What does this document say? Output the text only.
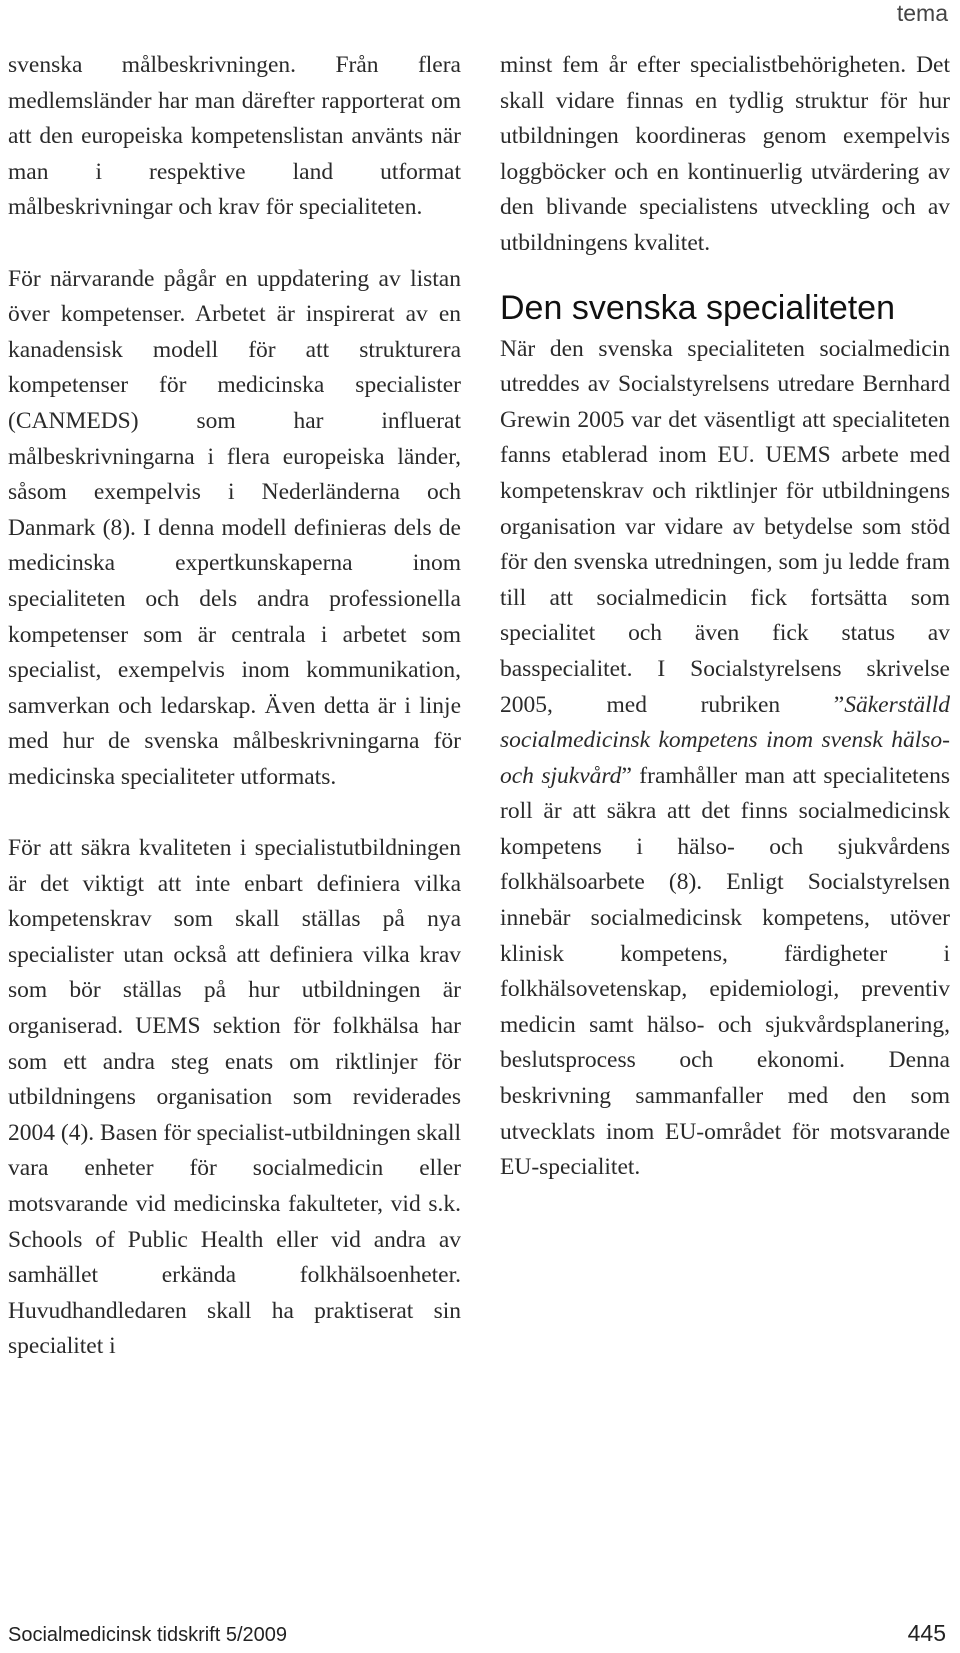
tema

svenska målbeskrivningen. Från flera medlemsländer har man därefter rapporterat om att den europeiska kompetenslistan använts när man i respektive land utformat målbeskrivningar och krav för specialiteten.

För närvarande pågår en uppdatering av listan över kompetenser. Arbetet är inspirerat av en kanadensisk modell för att strukturera kompetenser för medicinska specialister (CANMEDS) som har influerat målbeskrivningarna i flera europeiska länder, såsom exempelvis i Nederländerna och Danmark (8). I denna modell definieras dels de medicinska expertkunskaperna inom specialiteten och dels andra professionella kompetenser som är centrala i arbetet som specialist, exempelvis inom kommunikation, samverkan och ledarskap. Även detta är i linje med hur de svenska målbeskrivningarna för medicinska specialiteter utformats.

För att säkra kvaliteten i specialistutbildningen är det viktigt att inte enbart definiera vilka kompetenskrav som skall ställas på nya specialister utan också att definiera vilka krav som bör ställas på hur utbildningen är organiserad. UEMS sektion för folkhälsa har som ett andra steg enats om riktlinjer för utbildningens organisation som reviderades 2004 (4). Basen för specialist-utbildningen skall vara enheter för socialmedicin eller motsvarande vid medicinska fakulteter, vid s.k. Schools of Public Health eller vid andra av samhället erkända folkhälsoenheter. Huvudhandledaren skall ha praktiserat sin specialitet i

minst fem år efter specialistbehörigheten. Det skall vidare finnas en tydlig struktur för hur utbildningen koordineras genom exempelvis loggböcker och en kontinuerlig utvärdering av den blivande specialistens utveckling och av utbildningens kvalitet.

Den svenska specialiteten

När den svenska specialiteten socialmedicin utreddes av Socialstyrelsens utredare Bernhard Grewin 2005 var det väsentligt att specialiteten fanns etablerad inom EU. UEMS arbete med kompetenskrav och riktlinjer för utbildningens organisation var vidare av betydelse som stöd för den svenska utredningen, som ju ledde fram till att socialmedicin fick fortsätta som specialitet och även fick status av basspecialitet. I Socialstyrelsens skrivelse 2005, med rubriken ”Säkerställd socialmedicinsk kompetens inom svensk hälso- och sjukvård” framhåller man att specialitetens roll är att säkra att det finns socialmedicinsk kompetens i hälso- och sjukvårdens folkhälsoarbete (8). Enligt Socialstyrelsen innebär socialmedicinsk kompetens, utöver klinisk kompetens, färdigheter i folkhälsovetenskap, epidemiologi, preventiv medicin samt hälso- och sjukvårdsplanering, beslutsprocess och ekonomi. Denna beskrivning sammanfaller med den som utvecklats inom EU-området för motsvarande EU-specialitet.

Socialmedicinsk tidskrift 5/2009	445
